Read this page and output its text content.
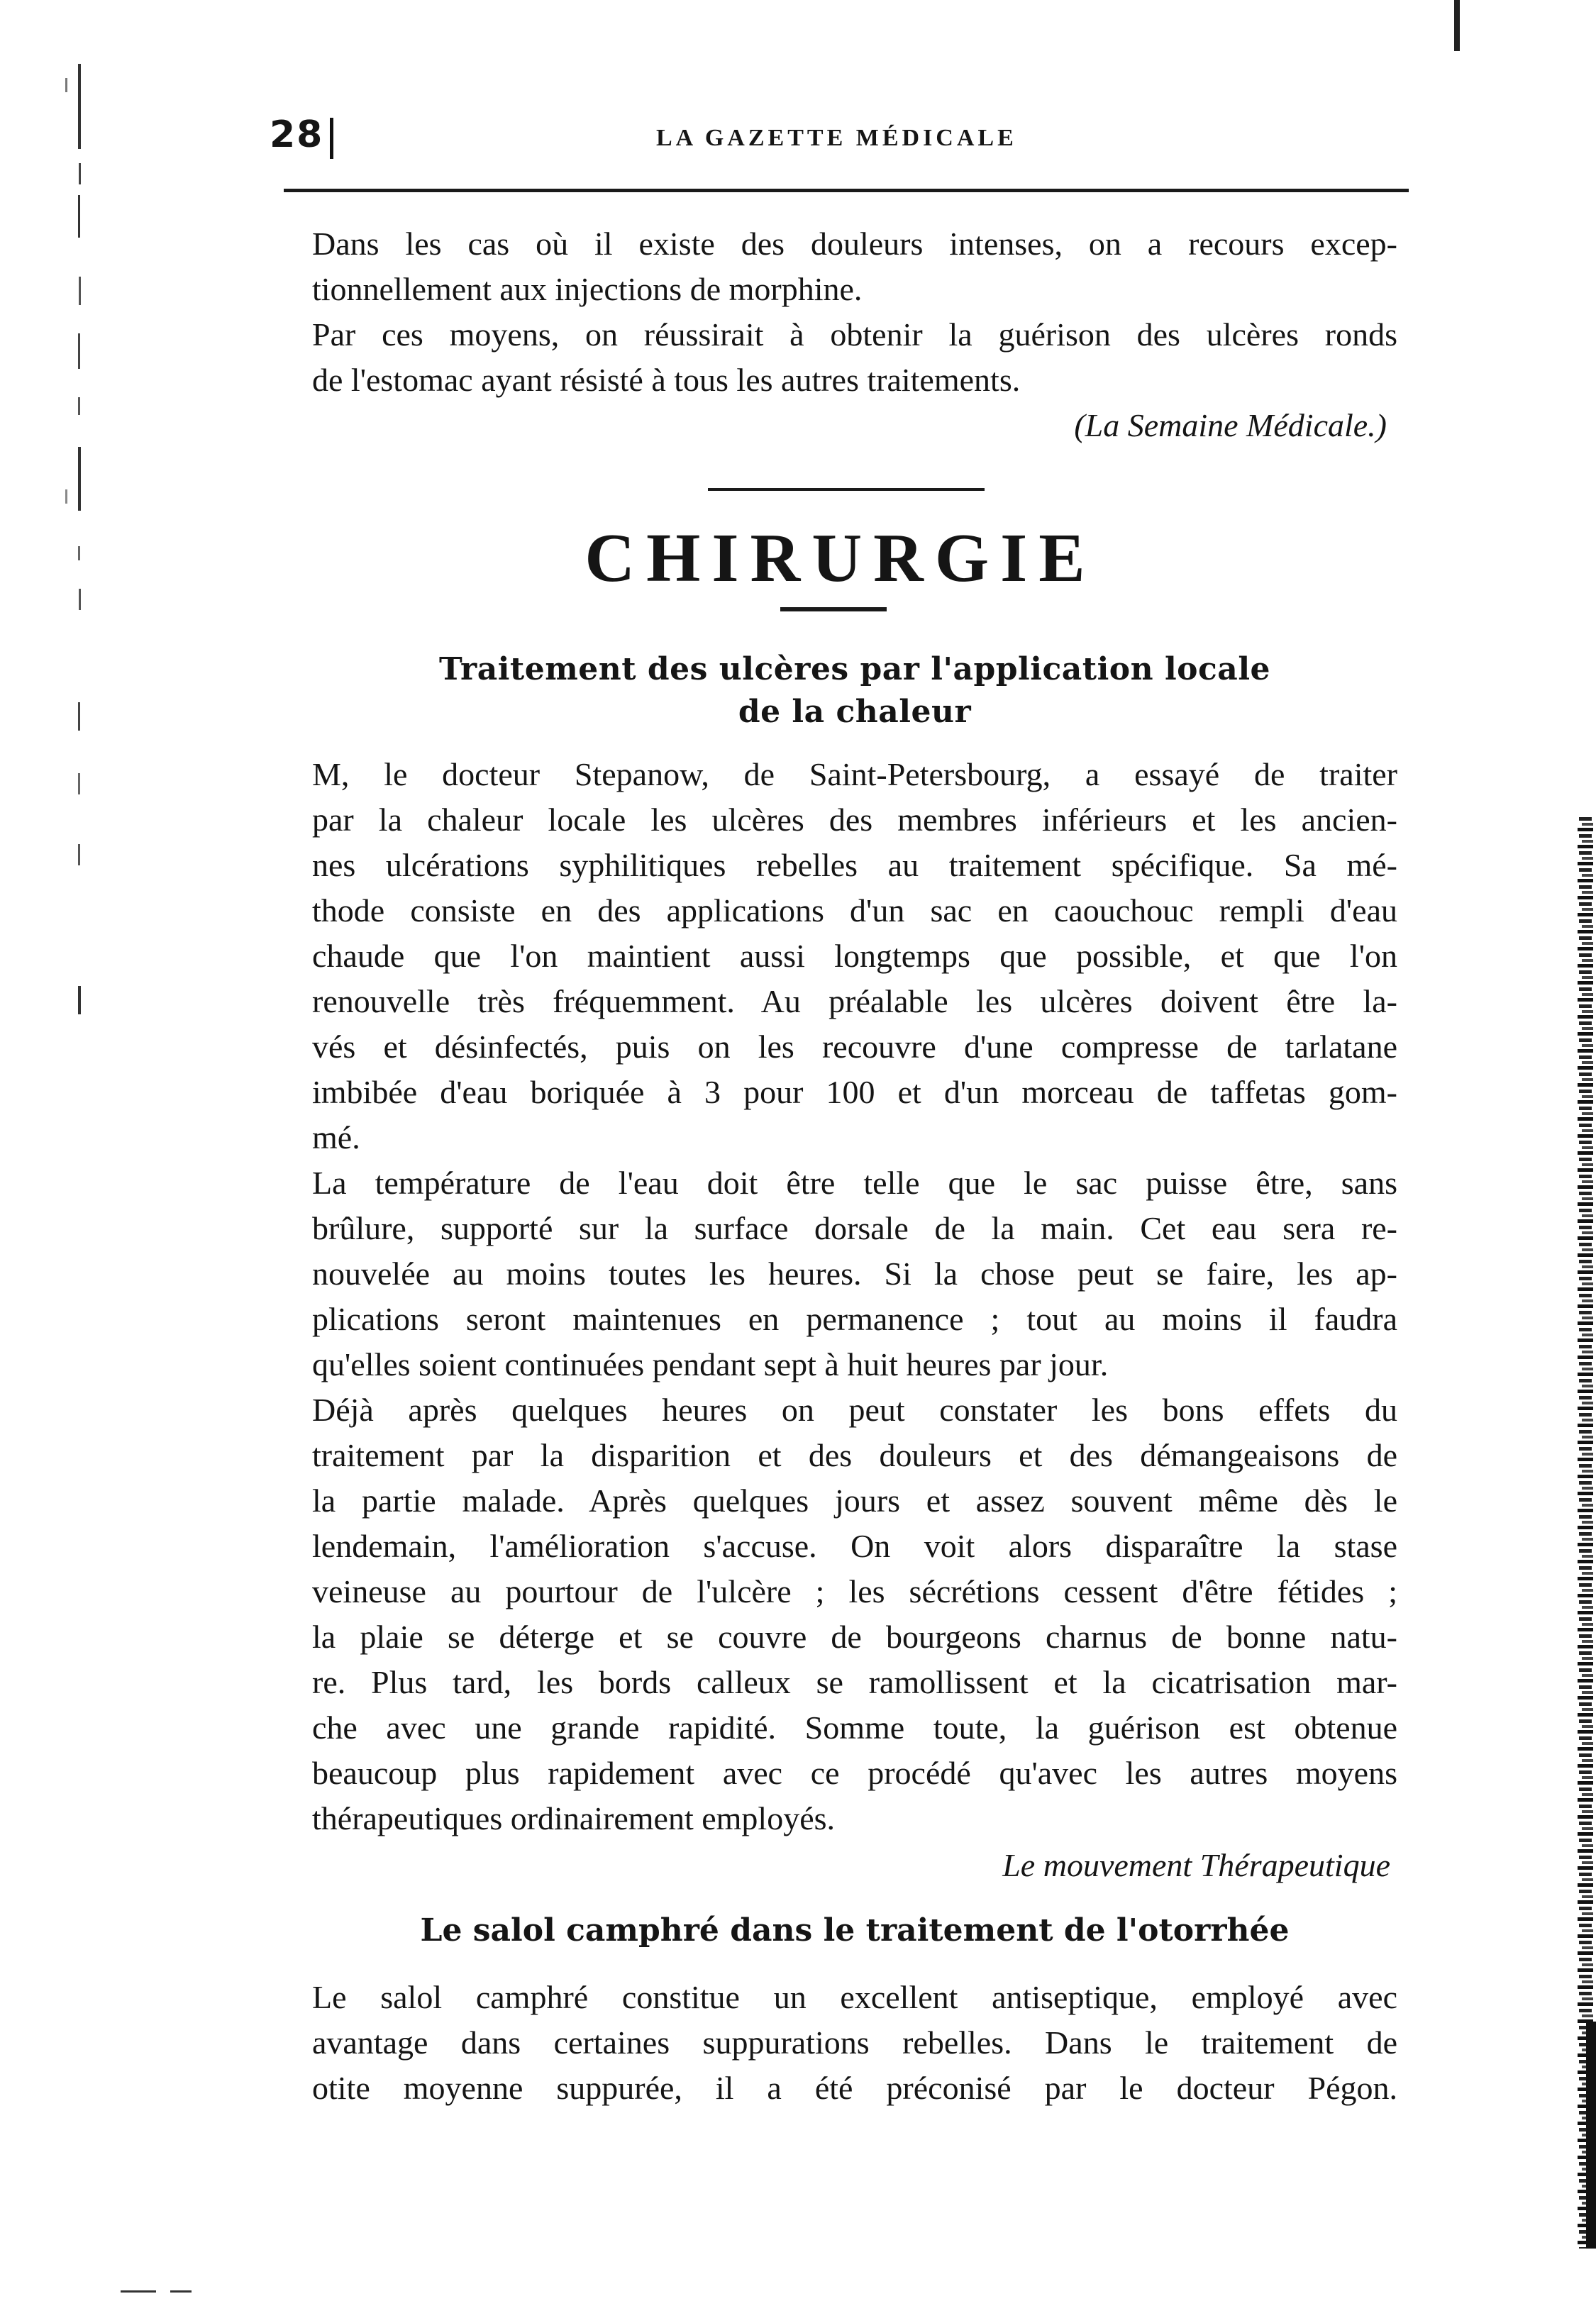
28	LA GAZETTE MÉDICALE

Dans les cas où il existe des douleurs intenses, on a recours excep-
tionnellement aux injections de morphine.

Par ces moyens, on réussirait à obtenir la guérison des ulcères ronds
de l'estomac ayant résisté à tous les autres traitements.

(La Semaine Médicale.)

CHIRURGIE
Traitement des ulcères par l'application locale
de la chaleur

M, le docteur Stepanow, de Saint-Petersbourg, a essayé de traiter
par la chaleur locale les ulcères des membres inférieurs et les ancien-
nes ulcérations syphilitiques rebelles au traitement spécifique. Sa mé-
thode consiste en des applications d'un sac en caouchouc rempli d'eau
chaude que l'on maintient aussi longtemps que possible, et que l'on
renouvelle très fréquemment. Au préalable les ulcères doivent être la-
vés et désinfectés, puis on les recouvre d'une compresse de tarlatane
imbibée d'eau boriquée à 3 pour 100 et d'un morceau de taffetas gom-
mé.

La température de l'eau doit être telle que le sac puisse être, sans
brûlure, supporté sur la surface dorsale de la main. Cet eau sera re-
nouvelée au moins toutes les heures. Si la chose peut se faire, les ap-
plications seront maintenues en permanence ; tout au moins il faudra
qu'elles soient continuées pendant sept à huit heures par jour.

Déjà après quelques heures on peut constater les bons effets du
traitement par la disparition et des douleurs et des démangeaisons de
la partie malade. Après quelques jours et assez souvent même dès le
lendemain, l'amélioration s'accuse. On voit alors disparaître la stase
veineuse au pourtour de l'ulcère ; les sécrétions cessent d'être fétides ;
la plaie se déterge et se couvre de bourgeons charnus de bonne natu-
re. Plus tard, les bords calleux se ramollissent et la cicatrisation mar-
che avec une grande rapidité. Somme toute, la guérison est obtenue
beaucoup plus rapidement avec ce procédé qu'avec les autres moyens
thérapeutiques ordinairement employés.

Le mouvement Thérapeutique

Le salol camphré dans le traitement de l'otorrhée

Le salol camphré constitue un excellent antiseptique, employé avec
avantage dans certaines suppurations rebelles. Dans le traitement de
otite moyenne suppurée, il a été préconisé par le docteur Pégon.
